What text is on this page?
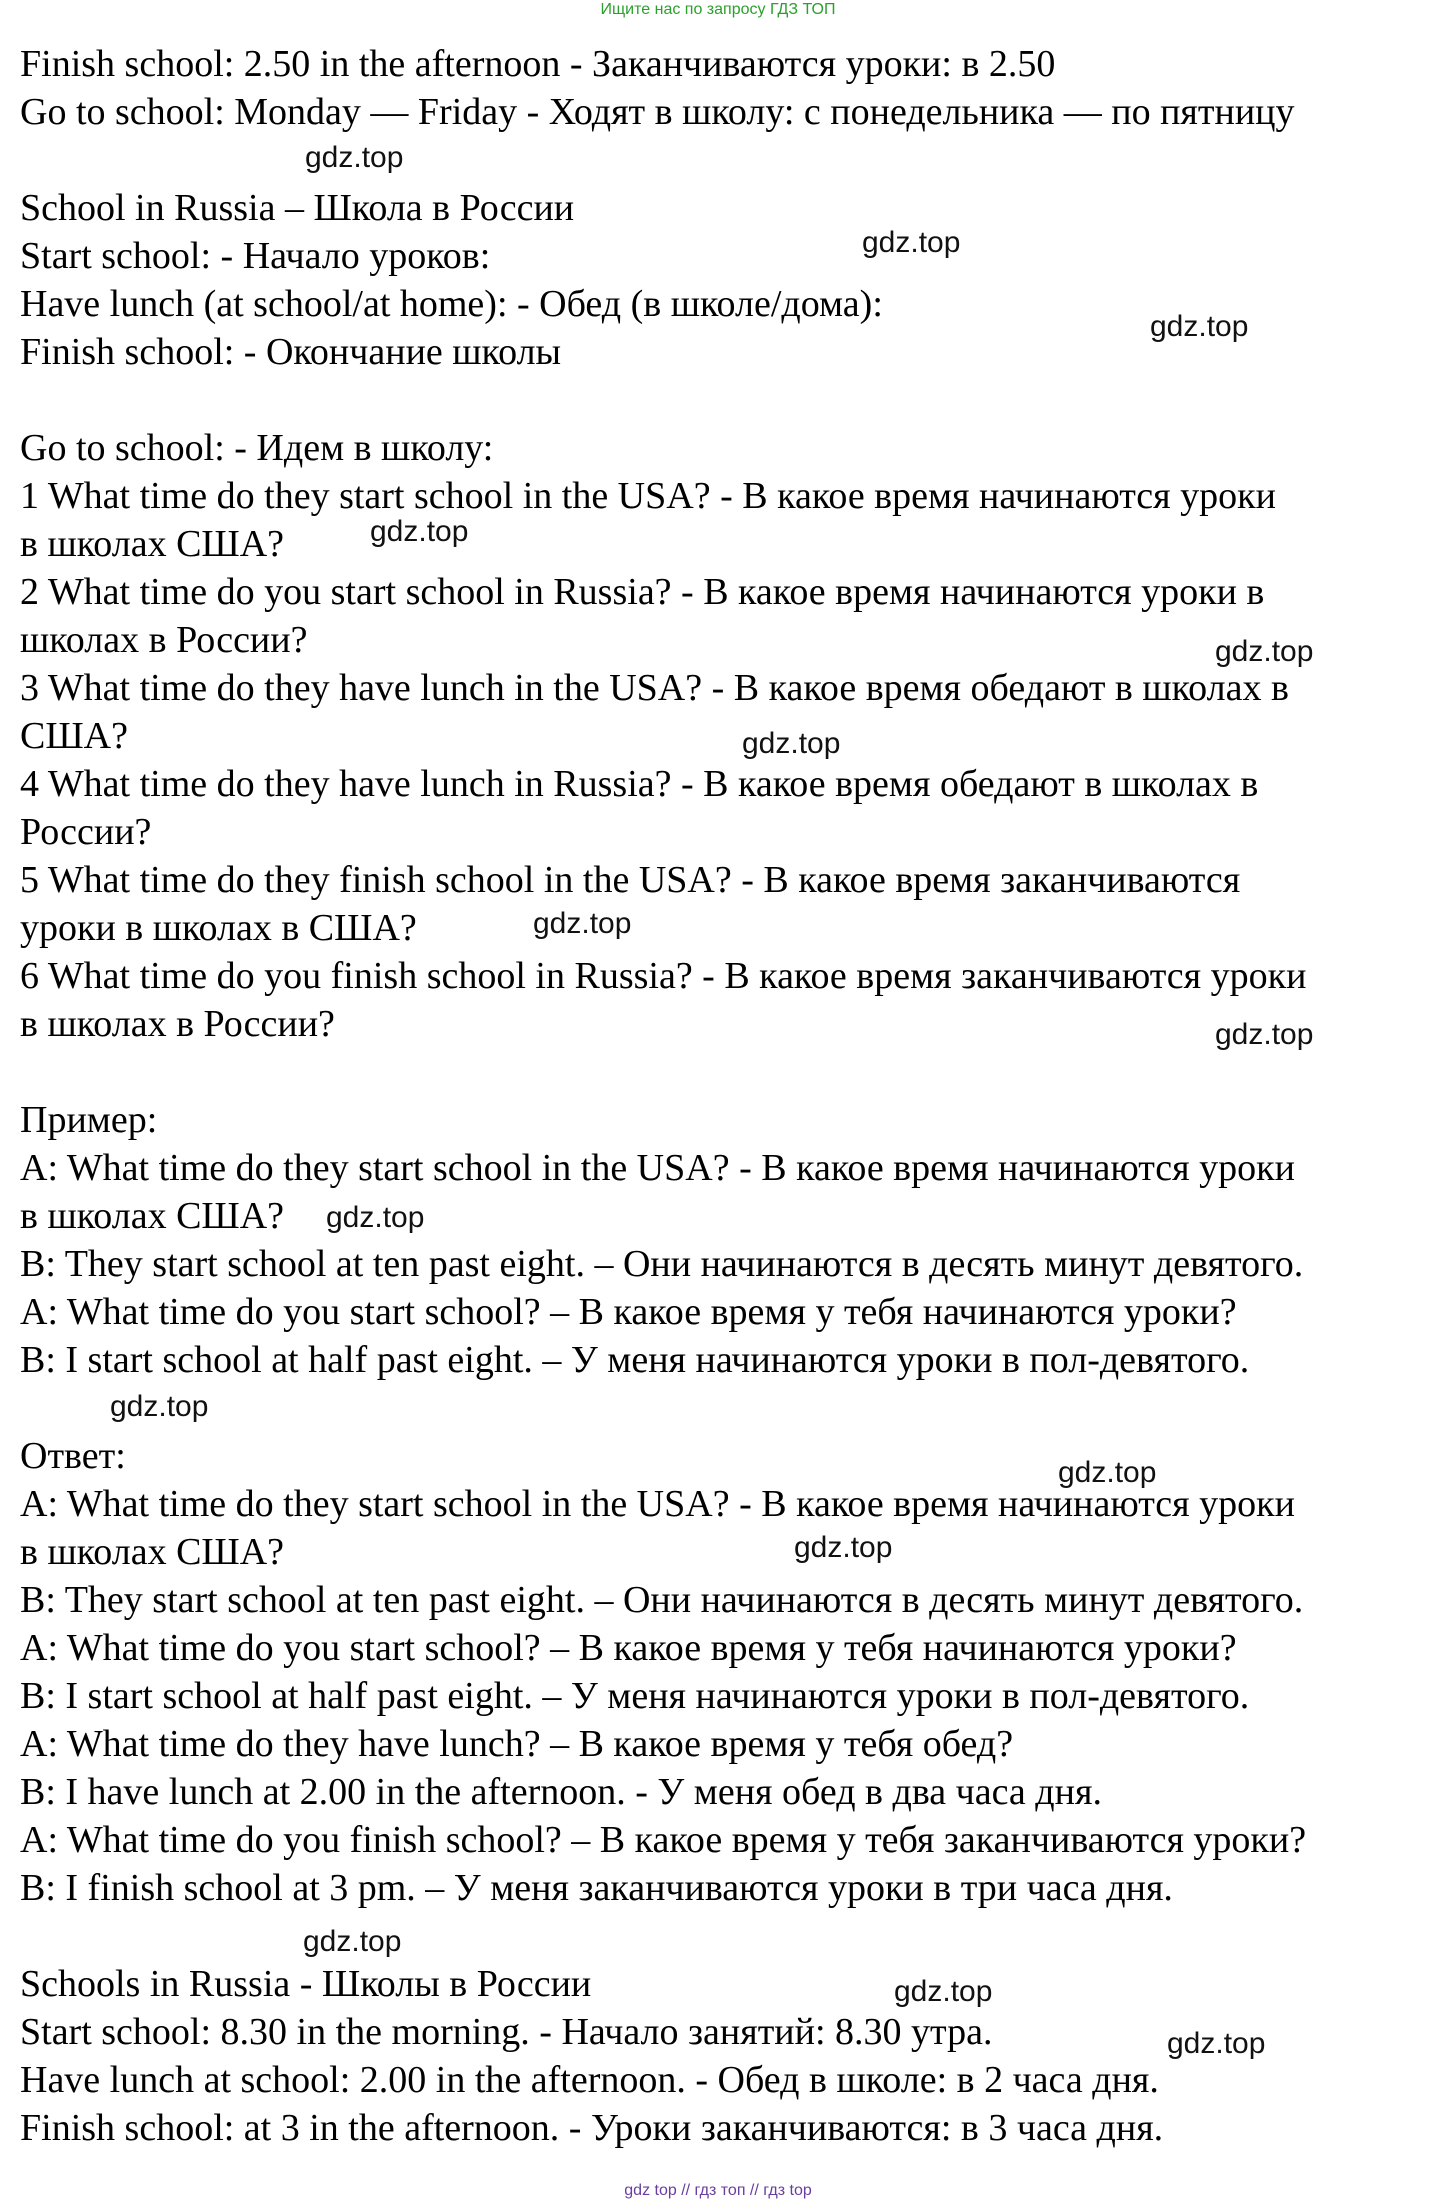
Ищите нас по запросу ГДЗ ТОП
Finish school: 2.50 in the afternoon - Заканчиваются уроки: в 2.50
Go to school: Monday — Friday - Ходят в школу: с понедельника — по пятницу
School in Russia – Школа в России
Start school: - Начало уроков:
Have lunch (at school/at home): - Обед (в школе/дома):
Finish school: - Окончание школы
Go to school: - Идем в школу:
1 What time do they start school in the USA? - В какое время начинаются уроки
в школах США?
2 What time do you start school in Russia? - В какое время начинаются уроки в
школах в России?
3 What time do they have lunch in the USA? - В какое время обедают в школах в
США?
4 What time do they have lunch in Russia? - В какое время обедают в школах в
России?
5 What time do they finish school in the USA? - В какое время заканчиваются
уроки в школах в США?
6 What time do you finish school in Russia? - В какое время заканчиваются уроки
в школах в России?
Пример:
A: What time do they start school in the USA? - В какое время начинаются уроки
в школах США?
B: They start school at ten past eight. – Они начинаются в десять минут девятого.
A: What time do you start school? – В какое время у тебя начинаются уроки?
B: I start school at half past eight. – У меня начинаются уроки в пол-девятого.
Ответ:
A: What time do they start school in the USA? - В какое время начинаются уроки
в школах США?
B: They start school at ten past eight. – Они начинаются в десять минут девятого.
A: What time do you start school? – В какое время у тебя начинаются уроки?
B: I start school at half past eight. – У меня начинаются уроки в пол-девятого.
A: What time do they have lunch? – В какое время у тебя обед?
B: I have lunch at 2.00 in the afternoon. - У меня обед в два часа дня.
A: What time do you finish school? – В какое время у тебя заканчиваются уроки?
B: I finish school at 3 pm. – У меня заканчиваются уроки в три часа дня.
Schools in Russia - Школы в России
Start school: 8.30 in the morning. - Начало занятий: 8.30 утра.
Have lunch at school: 2.00 in the afternoon. - Обед в школе: в 2 часа дня.
Finish school: at 3 in the afternoon. - Уроки заканчиваются: в 3 часа дня.
gdz.top
gdz.top
gdz.top
gdz.top
gdz.top
gdz.top
gdz.top
gdz.top
gdz.top
gdz.top
gdz.top
gdz.top
gdz.top
gdz.top
gdz.top
gdz top // гдз топ // гдз top
